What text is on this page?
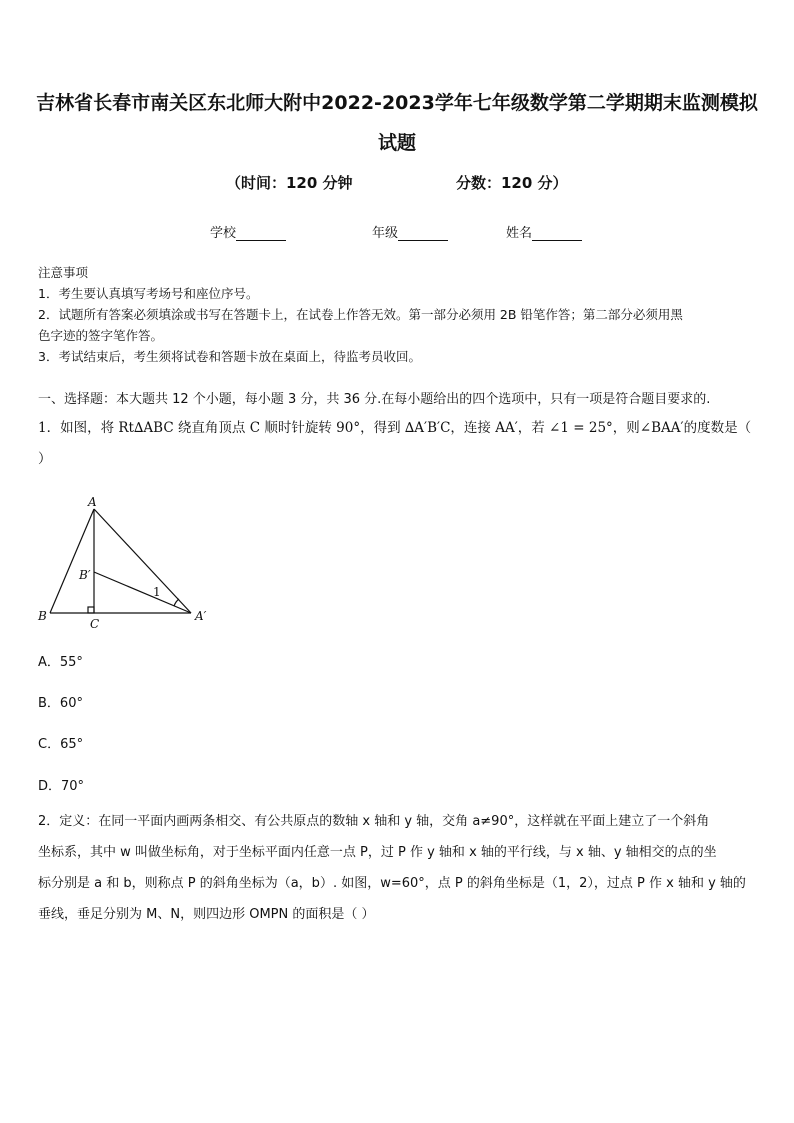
吉林省长春市南关区东北师大附中2022-2023学年七年级数学第二学期期末监测模拟
试题
（时间：120 分钟	分数：120 分）
学校	年级	姓名
注意事项
1．考生要认真填写考场号和座位序号。
2．试题所有答案必须填涂或书写在答题卡上，在试卷上作答无效。第一部分必须用 2B 铅笔作答；第二部分必须用黑
色字迹的签字笔作答。
3．考试结束后，考生须将试卷和答题卡放在桌面上，待监考员收回。
一、选择题：本大题共 12 个小题，每小题 3 分，共 36 分.在每小题给出的四个选项中，只有一项是符合题目要求的.
1．如图，将 Rt∆ABC 绕直角顶点 C 顺时针旋转 90°，得到 ∆A′B′C，连接 AA′，若 ∠1 = 25°，则∠BAA′的度数是（
）
A
B
C
B′
A′
1
A．55°
B．60°
C．65°
D．70°
2．定义：在同一平面内画两条相交、有公共原点的数轴 x 轴和 y 轴，交角 a≠90°，这样就在平面上建立了一个斜角
坐标系，其中 w 叫做坐标角，对于坐标平面内任意一点 P，过 P 作 y 轴和 x 轴的平行线，与 x 轴、y 轴相交的点的坐
标分别是 a 和 b，则称点 P 的斜角坐标为（a，b）. 如图，w=60°，点 P 的斜角坐标是（1，2），过点 P 作 x 轴和 y 轴的
垂线，垂足分别为 M、N，则四边形 OMPN 的面积是（ ）
